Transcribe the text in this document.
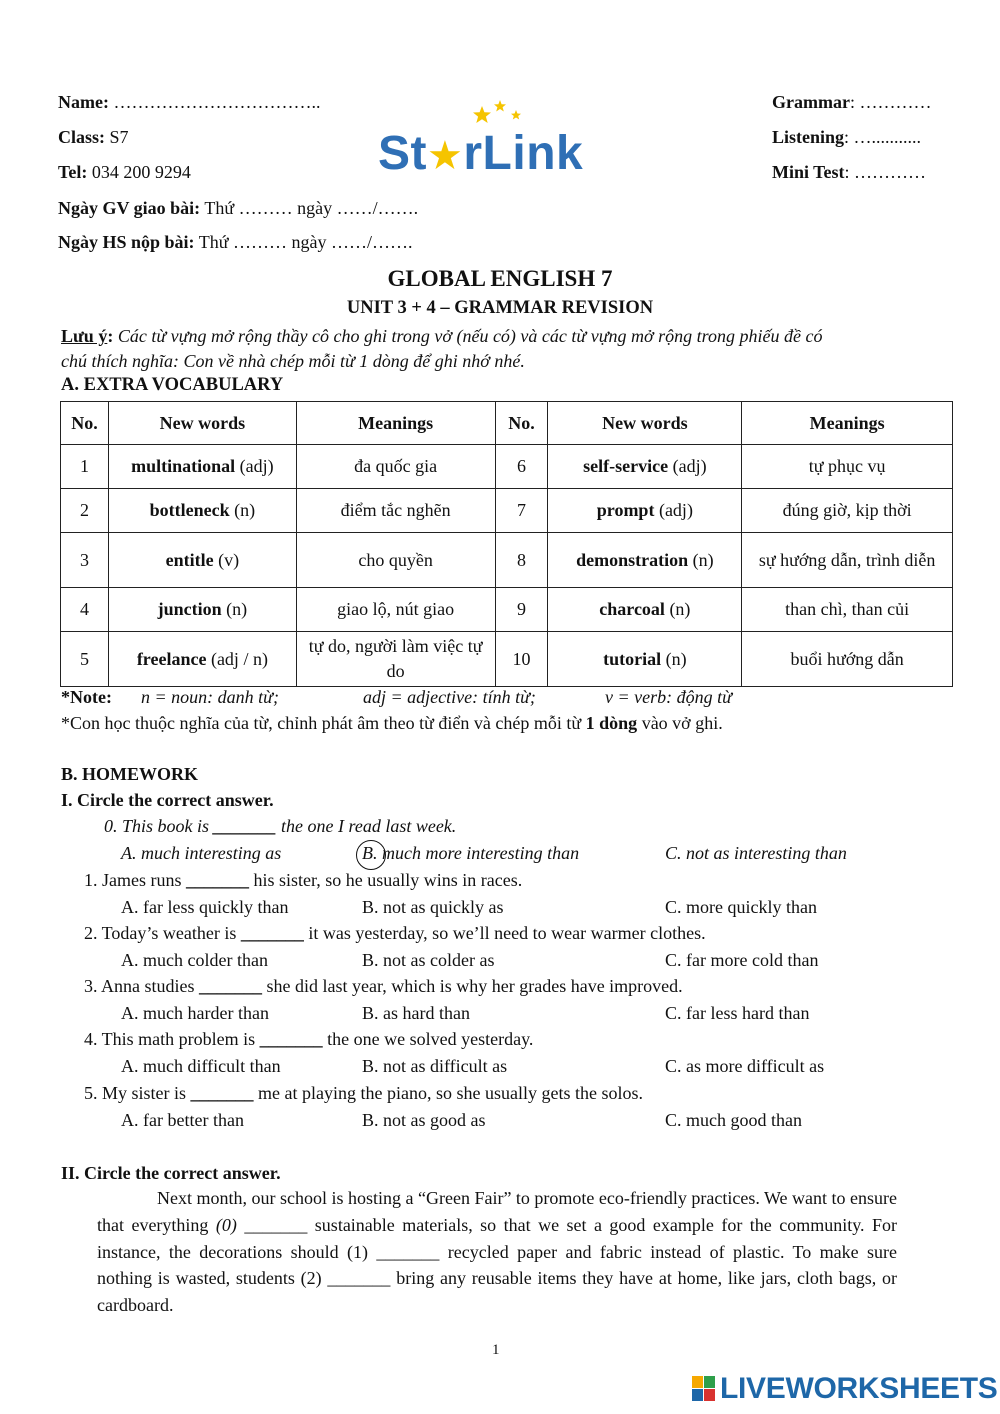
Name: ……………………………..
Class: S7
Tel: 034 200 9294
Ngày GV giao bài: Thứ ……… ngày ……/…….
Ngày HS nộp bài: Thứ ……… ngày ……/…….
Grammar: …………
Listening: …...........
Mini Test: …………
St★rLink
GLOBAL ENGLISH 7
UNIT 3 + 4 – GRAMMAR REVISION
Lưu ý: Các từ vựng mở rộng thầy cô cho ghi trong vở (nếu có) và các từ vựng mở rộng trong phiếu đề có
chú thích nghĩa: Con về nhà chép mỗi từ 1 dòng để ghi nhớ nhé.
A. EXTRA VOCABULARY
No.	New words	Meanings	No.	New words	Meanings
1	multinational (adj)	đa quốc gia	6	self-service (adj)	tự phục vụ
2	bottleneck (n)	điểm tắc nghẽn	7	prompt (adj)	đúng giờ, kịp thời
3	entitle (v)	cho quyền	8	demonstration (n)	sự hướng dẫn, trình diễn
4	junction (n)	giao lộ, nút giao	9	charcoal (n)	than chì, than củi
5	freelance (adj / n)	tự do, người làm việc tự do	10	tutorial (n)	buổi hướng dẫn
*Note: n = noun: danh từ;	adj = adjective: tính từ;	v = verb: động từ
*Con học thuộc nghĩa của từ, chỉnh phát âm theo từ điển và chép mỗi từ 1 dòng vào vở ghi.
B. HOMEWORK
I. Circle the correct answer.
0. This book is _______ the one I read last week.
A. much interesting as	B. much more interesting than	C. not as interesting than
1. James runs _______ his sister, so he usually wins in races.
A. far less quickly than	B. not as quickly as	C. more quickly than
2. Today’s weather is _______ it was yesterday, so we’ll need to wear warmer clothes.
A. much colder than	B. not as colder as	C. far more cold than
3. Anna studies _______ she did last year, which is why her grades have improved.
A. much harder than	B. as hard than	C. far less hard than
4. This math problem is _______ the one we solved yesterday.
A. much difficult than	B. not as difficult as	C. as more difficult as
5. My sister is _______ me at playing the piano, so she usually gets the solos.
A. far better than	B. not as good as	C. much good than
II. Circle the correct answer.
Next month, our school is hosting a “Green Fair” to promote eco-friendly practices. We want to ensure that everything (0) _______ sustainable materials, so that we set a good example for the community. For instance, the decorations should (1) _______ recycled paper and fabric instead of plastic. To make sure nothing is wasted, students (2) _______ bring any reusable items they have at home, like jars, cloth bags, or cardboard.
1
LIVEWORKSHEETS
